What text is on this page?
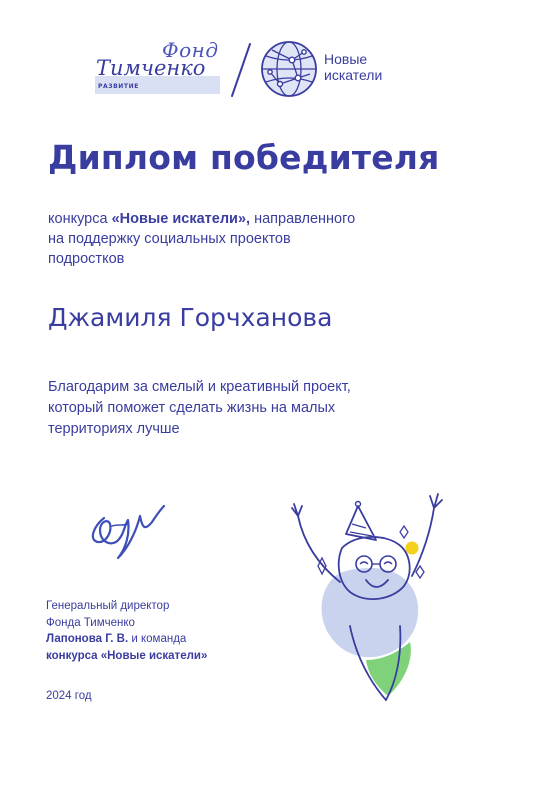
Фонд
Тимченко
РАЗВИТИЕ
Новые
искатели
Диплом победителя
конкурса «Новые искатели», направленного
на поддержку социальных проектов
подростков
Джамиля Горчханова
Благодарим за смелый и креативный проект,
который поможет сделать жизнь на малых
территориях лучше
Генеральный директор
Фонда Тимченко
Лапонова Г. В. и команда
конкурса «Новые искатели»
2024 год
